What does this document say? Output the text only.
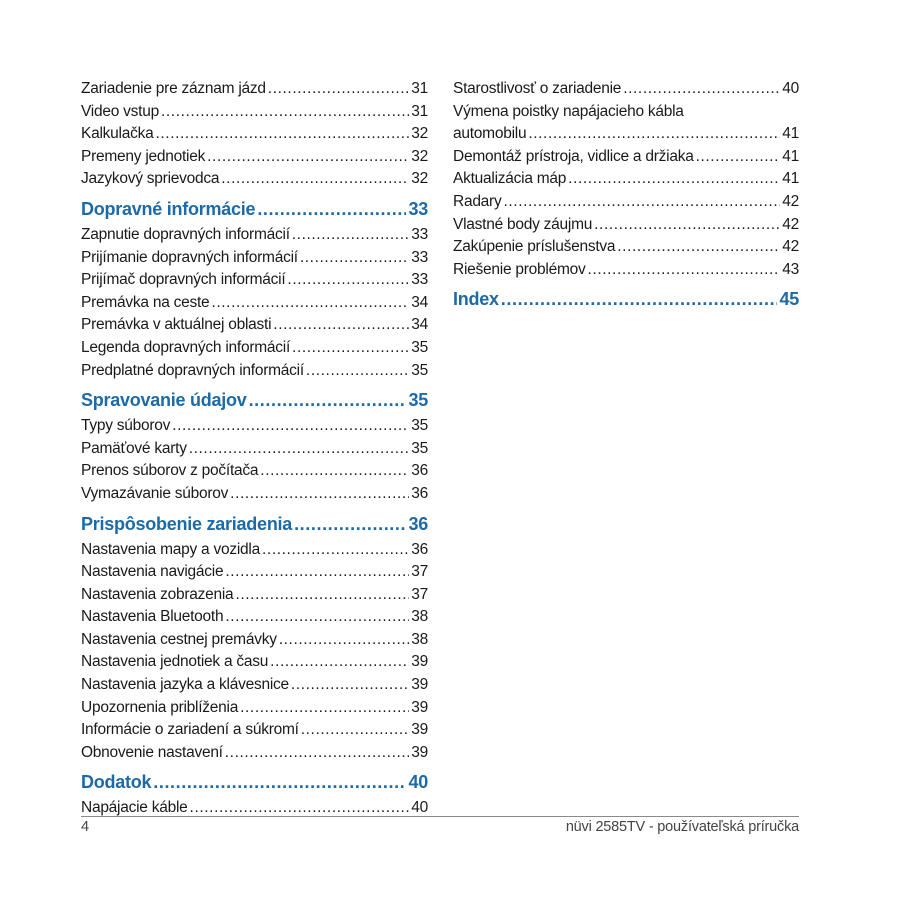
Zariadenie pre záznam jázd .....	31
Video vstup .....	31
Kalkulačka .....	32
Premeny jednotiek .....	32
Jazykový sprievodca .....	32
Dopravné informácie .....	33
Zapnutie dopravných informácií .....	33
Prijímanie dopravných informácií .....	33
Prijímač dopravných informácií .....	33
Premávka na ceste .....	34
Premávka v aktuálnej oblasti .....	34
Legenda dopravných informácií .....	35
Predplatné dopravných informácií .....	35
Spravovanie údajov .....	35
Typy súborov .....	35
Pamäťové karty .....	35
Prenos súborov z počítača .....	36
Vymazávanie súborov .....	36
Prispôsobenie zariadenia .....	36
Nastavenia mapy a vozidla .....	36
Nastavenia navigácie .....	37
Nastavenia zobrazenia .....	37
Nastavenia Bluetooth .....	38
Nastavenia cestnej premávky .....	38
Nastavenia jednotiek a času .....	39
Nastavenia jazyka a klávesnice .....	39
Upozornenia priblíženia .....	39
Informácie o zariadení a súkromí .....	39
Obnovenie nastavení .....	39
Dodatok .....	40
Napájacie káble .....	40
Starostlivosť o zariadenie .....	40
Výmena poistky napájacieho kábla
automobilu .....	41
Demontáž prístroja, vidlice a držiaka .....	41
Aktualizácia máp .....	41
Radary .....	42
Vlastné body záujmu .....	42
Zakúpenie príslušenstva .....	42
Riešenie problémov .....	43
Index .....	45
4	nüvi 2585TV - používateľská príručka
